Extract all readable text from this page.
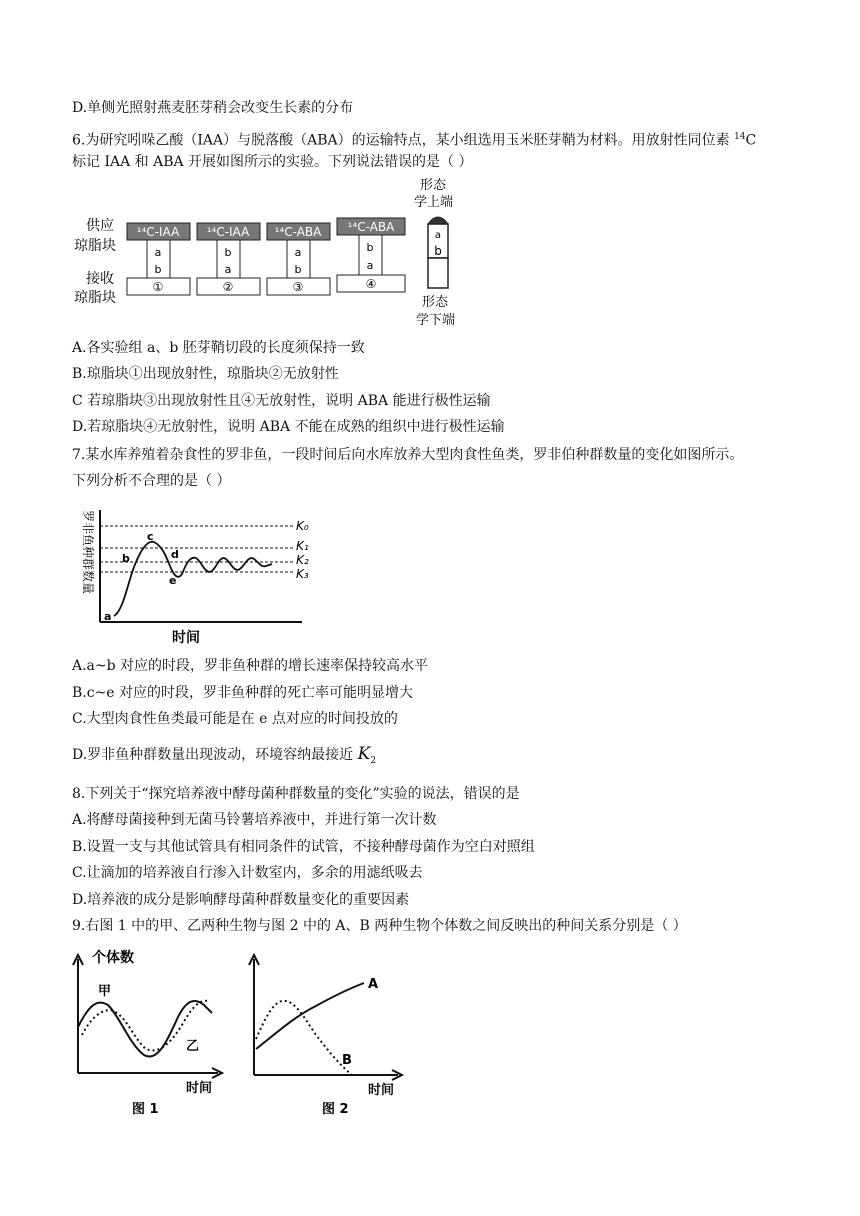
D.单侧光照射燕麦胚芽稍会改变生长素的分布
6.为研究吲哚乙酸（IAA）与脱落酸（ABA）的运输特点，某小组选用玉米胚芽鞘为材料。用放射性同位素 $^{14}$C
标记 IAA 和 ABA 开展如图所示的实验。下列说法错误的是（ ）
供应
琼脂块
接收
琼脂块
¹⁴C-IAA
a
b
①
¹⁴C-IAA
b
a
②
¹⁴C-ABA
a
b
③
¹⁴C-ABA
b
a
④
形态
学上端
a
b
形态
学下端
A.各实验组 a、b 胚芽鞘切段的长度须保持一致
B.琼脂块①出现放射性，琼脂块②无放射性
C 若琼脂块③出现放射性且④无放射性，说明 ABA 能进行极性运输
D.若琼脂块④无放射性，说明 ABA 不能在成熟的组织中进行极性运输
7.某水库养殖着杂食性的罗非鱼，一段时间后向水库放养大型肉食性鱼类，罗非伯种群数量的变化如图所示。
下列分析不合理的是（ ）
罗非鱼种群数量	K₀
K₁
K₂
K₃
a
b
c
d
e
时间
A.a~b 对应的时段，罗非鱼种群的增长速率保持较高水平
B.c~e 对应的时段，罗非鱼种群的死亡率可能明显增大
C.大型肉食性鱼类最可能是在 e 点对应的时间投放的
D.罗非鱼种群数量出现波动，环境容纳最接近 $K_2$
8.下列关于“探究培养液中酵母菌种群数量的变化”实验的说法，错误的是
A.将酵母菌接种到无菌马铃薯培养液中，并进行第一次计数
B.设置一支与其他试管具有相同条件的试管，不接种酵母菌作为空白对照组
C.让滴加的培养液自行渗入计数室内，多余的用滤纸吸去
D.培养液的成分是影响酵母菌种群数量变化的重要因素
9.右图 1 中的甲、乙两种生物与图 2 中的 A、B 两种生物个体数之间反映出的种间关系分别是（ ）
个体数
甲
乙
时间
图 1
A
B
时间
图 2
